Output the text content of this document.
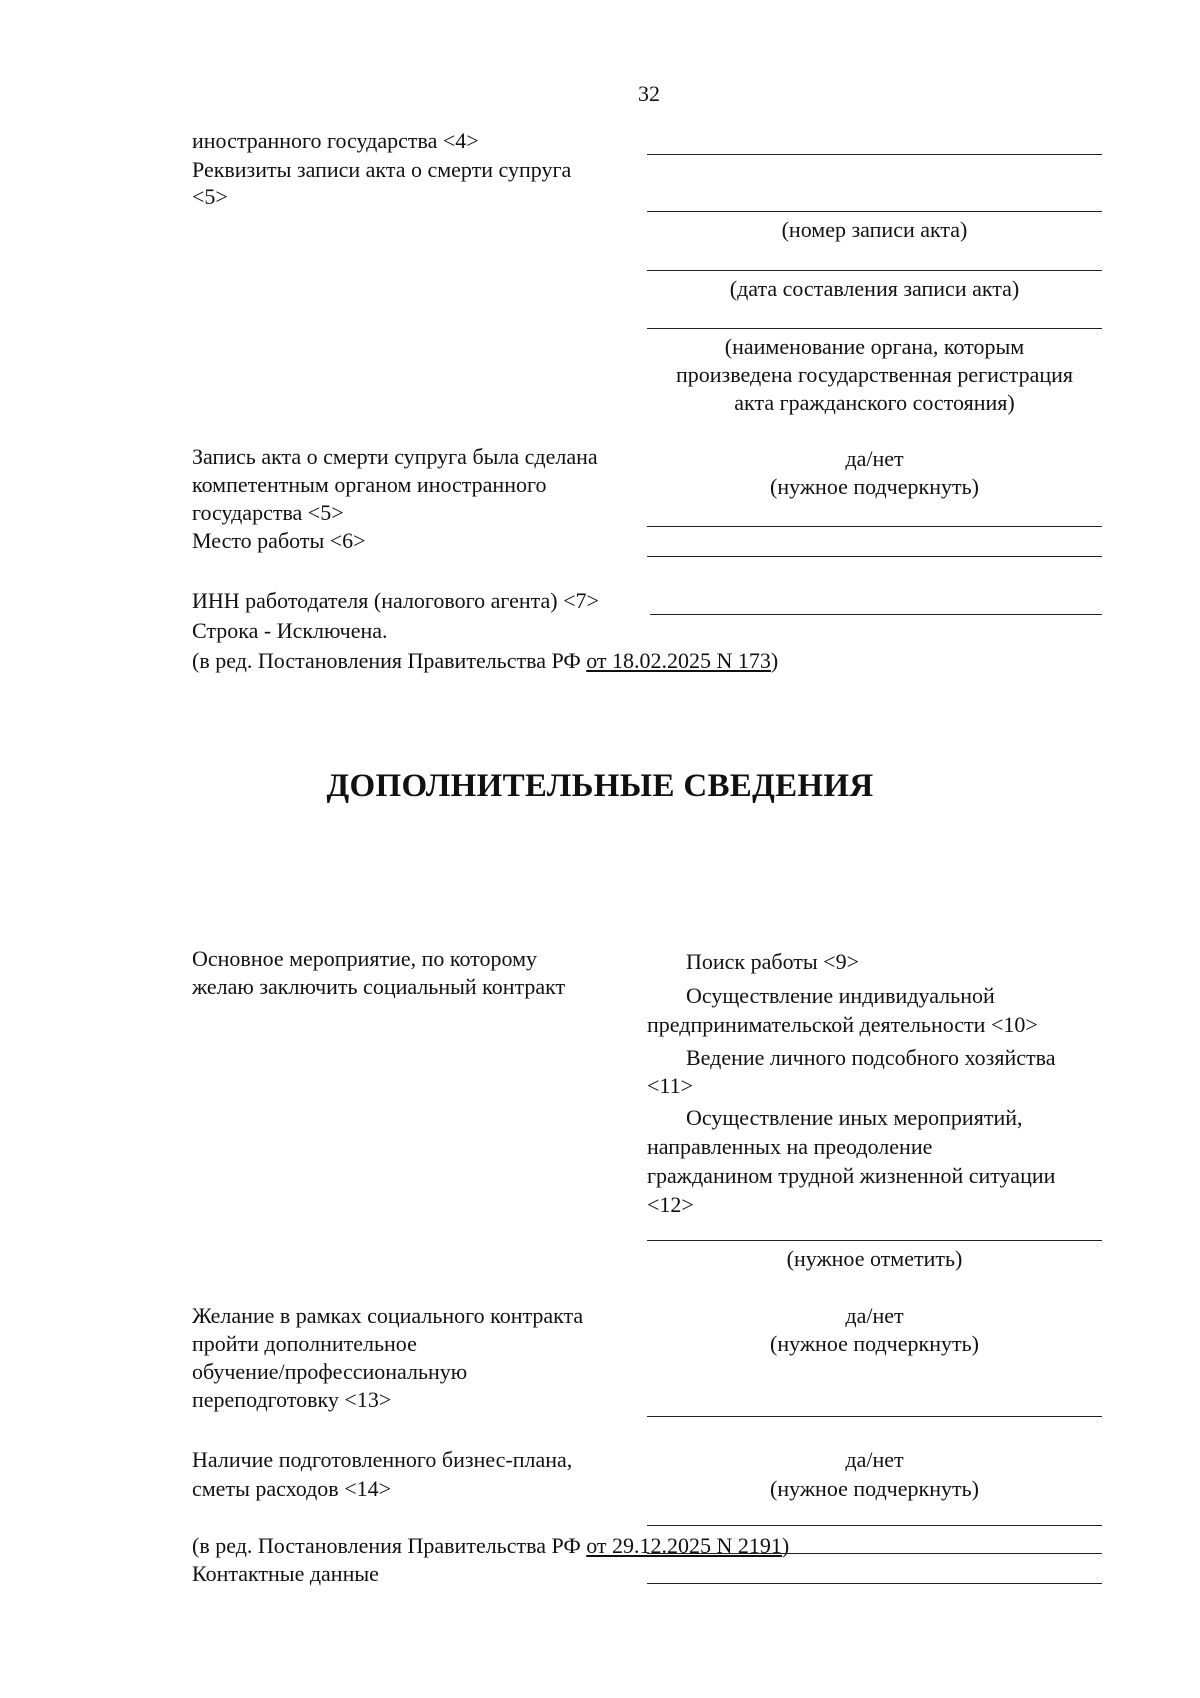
32
иностранного государства <4>
Реквизиты записи акта о смерти супруга
<5>
(номер записи акта)
(дата составления записи акта)
(наименование органа, которым
произведена государственная регистрация
акта гражданского состояния)
Запись акта о смерти супруга была сделана
компетентным органом иностранного
государства <5>
да/нет
(нужное подчеркнуть)
Место работы <6>
ИНН работодателя (налогового агента) <7>
Строка - Исключена.
(в ред. Постановления Правительства РФ от 18.02.2025 N 173)
ДОПОЛНИТЕЛЬНЫЕ СВЕДЕНИЯ
Основное мероприятие, по которому
желаю заключить социальный контракт
Поиск работы <9>
Осуществление индивидуальной
предпринимательской деятельности <10>
Ведение личного подсобного хозяйства
<11>
Осуществление иных мероприятий,
направленных на преодоление
гражданином трудной жизненной ситуации
<12>
(нужное отметить)
Желание в рамках социального контракта
пройти дополнительное
обучение/профессиональную
переподготовку <13>
да/нет
(нужное подчеркнуть)
Наличие подготовленного бизнес-плана,
сметы расходов <14>
да/нет
(нужное подчеркнуть)
(в ред. Постановления Правительства РФ от 29.12.2025 N 2191)
Контактные данные
